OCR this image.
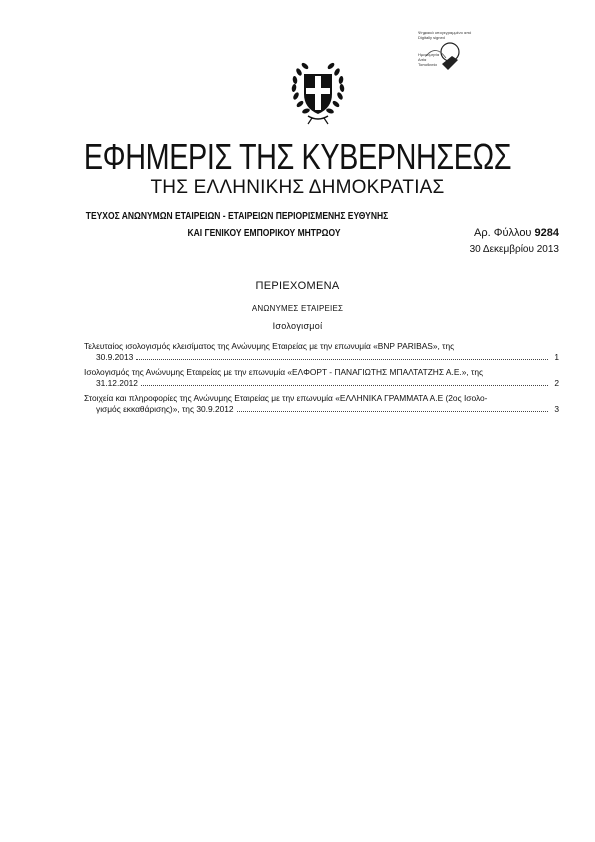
Ψηφιακά υπογεγραμμένο από
Digitally signed
Ημερομηνία
Αιτία
Τοποθεσία
ΕΦΗΜΕΡΙΣ ΤΗΣ ΚΥΒΕΡΝΗΣΕΩΣ
ΤΗΣ ΕΛΛΗΝΙΚΗΣ ΔΗΜΟΚΡΑΤΙΑΣ
ΤΕΥΧΟΣ ΑΝΩΝΥΜΩΝ ΕΤΑΙΡΕΙΩΝ - ΕΤΑΙΡΕΙΩΝ ΠΕΡΙΟΡΙΣΜΕΝΗΣ ΕΥΘΥΝΗΣ
ΚΑΙ ΓΕΝΙΚΟΥ ΕΜΠΟΡΙΚΟΥ ΜΗΤΡΩΟΥ	Αρ. Φύλλου 9284
30 Δεκεμβρίου 2013
ΠΕΡΙΕΧΟΜΕΝΑ
ΑΝΩΝΥΜΕΣ ΕΤΑΙΡΕΙΕΣ
Ισολογισμοί
Τελευταίος ισολογισμός κλεισίματος της Ανώνυμης Εταιρείας με την επωνυμία «BNP PARIBAS», της
30.9.2013	1
Ισολογισμός της Ανώνυμης Εταιρείας με την επωνυμία «ΕΛΦΟΡΤ - ΠΑΝΑΓΙΩΤΗΣ ΜΠΑΛΤΑΤΖΗΣ Α.Ε.», της
31.12.2012	2
Στοιχεία και πληροφορίες της Ανώνυμης Εταιρείας με την επωνυμία «ΕΛΛΗΝΙΚΑ ΓΡΑΜΜΑΤΑ Α.Ε (2ος Ισολο-
γισμός εκκαθάρισης)», της 30.9.2012	3
